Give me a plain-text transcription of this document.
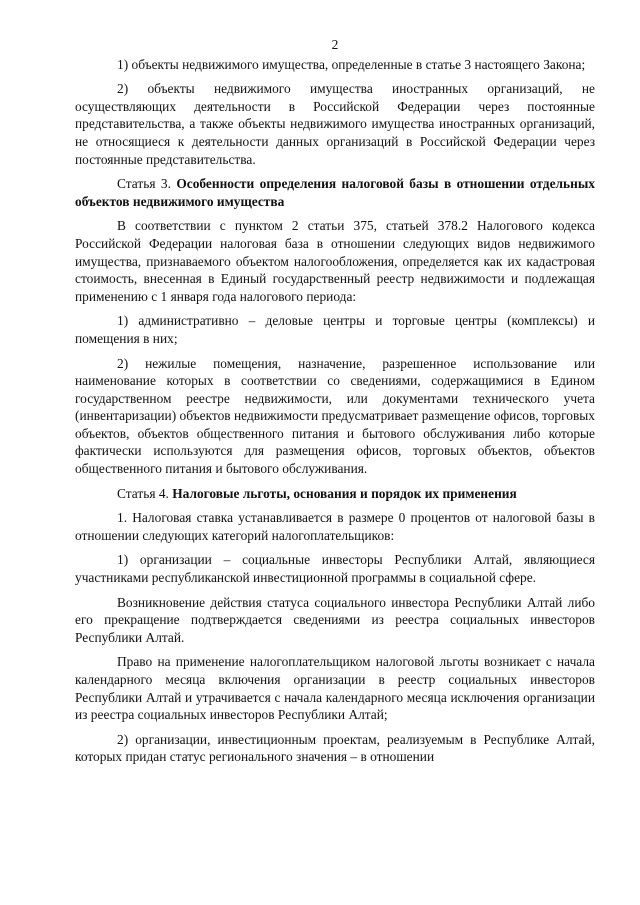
2

1) объекты недвижимого имущества, определенные в статье 3 настоящего Закона;

2) объекты недвижимого имущества иностранных организаций, не осуществляющих деятельности в Российской Федерации через постоянные представительства, а также объекты недвижимого имущества иностранных организаций, не относящиеся к деятельности данных организаций в Российской Федерации через постоянные представительства.

Статья 3. Особенности определения налоговой базы в отношении отдельных объектов недвижимого имущества

В соответствии с пунктом 2 статьи 375, статьей 378.2 Налогового кодекса Российской Федерации налоговая база в отношении следующих видов недвижимого имущества, признаваемого объектом налогообложения, определяется как их кадастровая стоимость, внесенная в Единый государственный реестр недвижимости и подлежащая применению с 1 января года налогового периода:

1) административно – деловые центры и торговые центры (комплексы) и помещения в них;

2) нежилые помещения, назначение, разрешенное использование или наименование которых в соответствии со сведениями, содержащимися в Едином государственном реестре недвижимости, или документами технического учета (инвентаризации) объектов недвижимости предусматривает размещение офисов, торговых объектов, объектов общественного питания и бытового обслуживания либо которые фактически используются для размещения офисов, торговых объектов, объектов общественного питания и бытового обслуживания.

Статья 4. Налоговые льготы, основания и порядок их применения

1. Налоговая ставка устанавливается в размере 0 процентов от налоговой базы в отношении следующих категорий налогоплательщиков:

1) организации – социальные инвесторы Республики Алтай, являющиеся участниками республиканской инвестиционной программы в социальной сфере.

Возникновение действия статуса социального инвестора Республики Алтай либо его прекращение подтверждается сведениями из реестра социальных инвесторов Республики Алтай.

Право на применение налогоплательщиком налоговой льготы возникает с начала календарного месяца включения организации в реестр социальных инвесторов Республики Алтай и утрачивается с начала календарного месяца исключения организации из реестра социальных инвесторов Республики Алтай;

2) организации, инвестиционным проектам, реализуемым в Республике Алтай, которых придан статус регионального значения – в отношении
